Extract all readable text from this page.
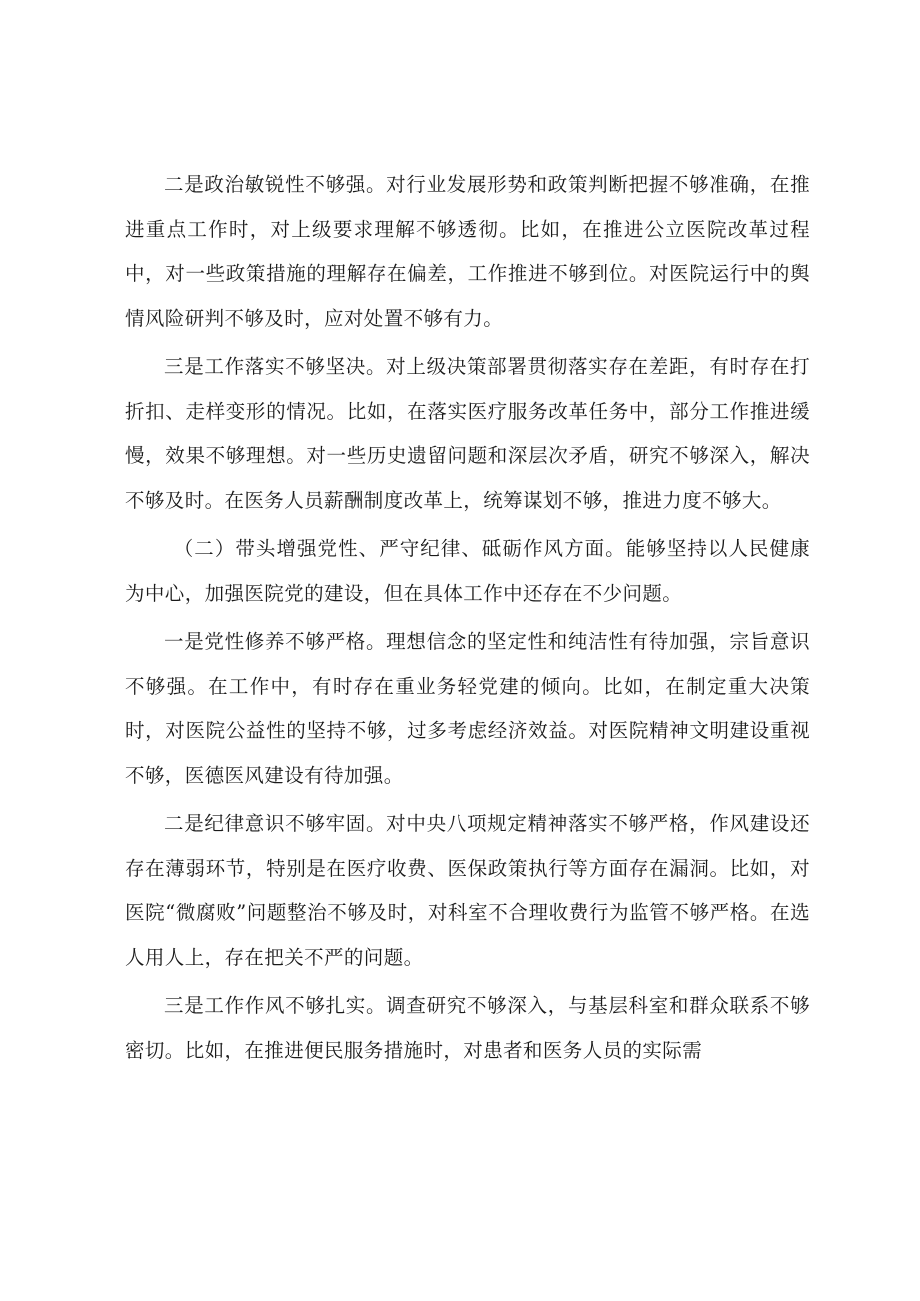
二是政治敏锐性不够强。对行业发展形势和政策判断把握不够准确，在推进重点工作时，对上级要求理解不够透彻。比如，在推进公立医院改革过程中，对一些政策措施的理解存在偏差，工作推进不够到位。对医院运行中的舆情风险研判不够及时，应对处置不够有力。

三是工作落实不够坚决。对上级决策部署贯彻落实存在差距，有时存在打折扣、走样变形的情况。比如，在落实医疗服务改革任务中，部分工作推进缓慢，效果不够理想。对一些历史遗留问题和深层次矛盾，研究不够深入，解决不够及时。在医务人员薪酬制度改革上，统筹谋划不够，推进力度不够大。

（二）带头增强党性、严守纪律、砥砺作风方面。能够坚持以人民健康为中心，加强医院党的建设，但在具体工作中还存在不少问题。

一是党性修养不够严格。理想信念的坚定性和纯洁性有待加强，宗旨意识不够强。在工作中，有时存在重业务轻党建的倾向。比如，在制定重大决策时，对医院公益性的坚持不够，过多考虑经济效益。对医院精神文明建设重视不够，医德医风建设有待加强。

二是纪律意识不够牢固。对中央八项规定精神落实不够严格，作风建设还存在薄弱环节，特别是在医疗收费、医保政策执行等方面存在漏洞。比如，对医院“微腐败”问题整治不够及时，对科室不合理收费行为监管不够严格。在选人用人上，存在把关不严的问题。

三是工作作风不够扎实。调查研究不够深入，与基层科室和群众联系不够密切。比如，在推进便民服务措施时，对患者和医务人员的实际需
